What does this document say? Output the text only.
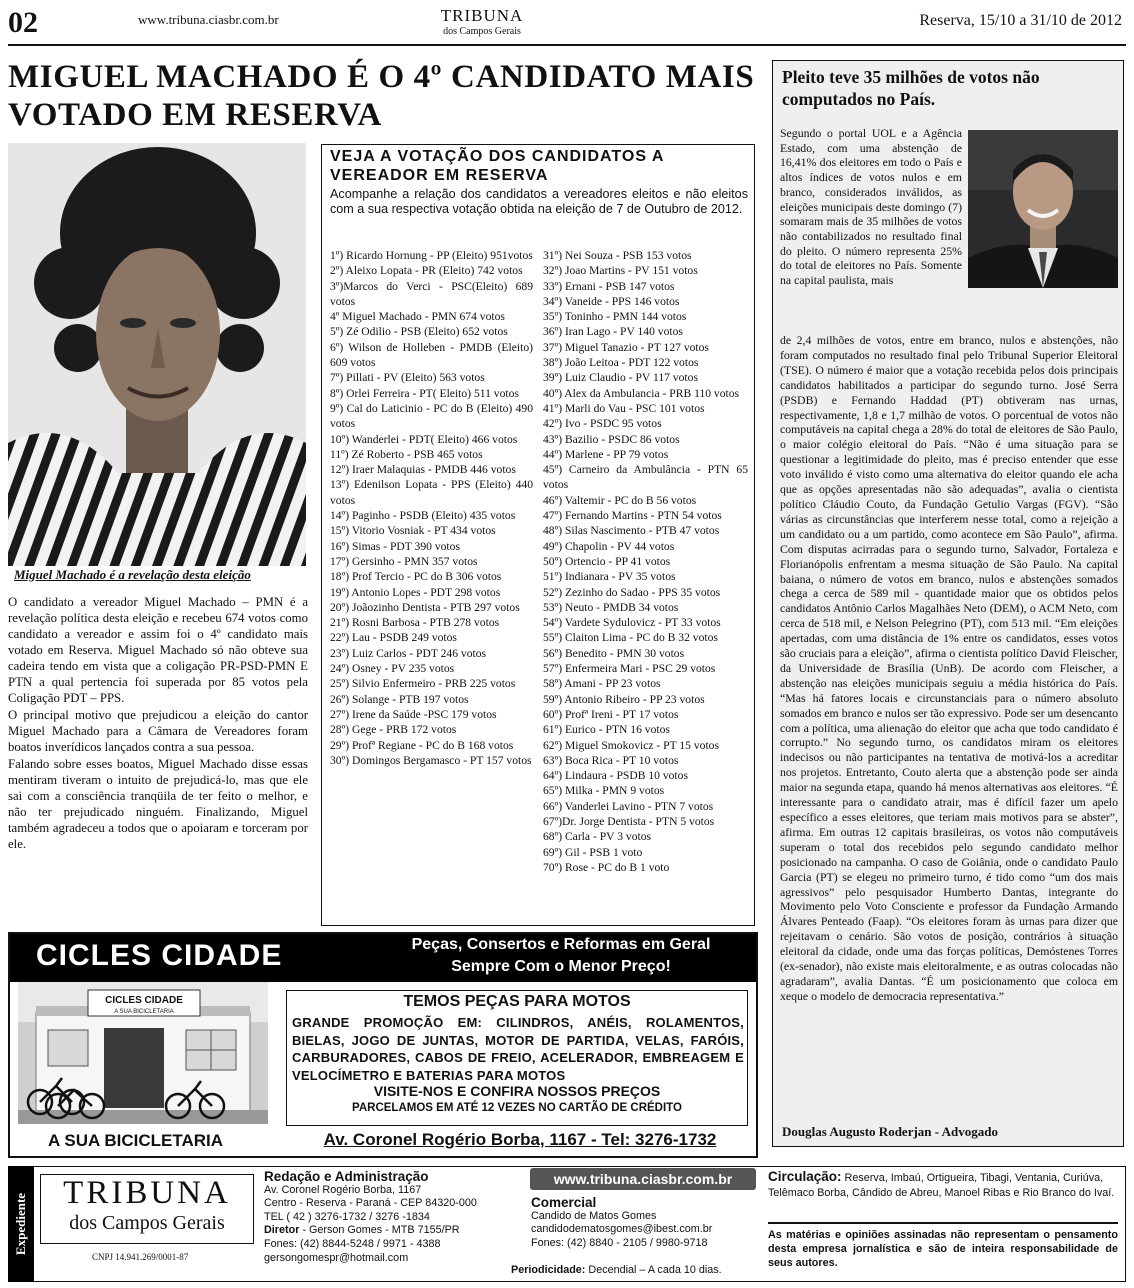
02	www.tribuna.ciasbr.com.br	TRIBUNA
dos Campos Gerais
Reserva, 15/10 a 31/10 de 2012
MIGUEL MACHADO É O 4º CANDIDATO MAIS
VOTADO EM RESERVA
Miguel Machado é a revelação desta eleição

O candidato a vereador Miguel Machado – PMN é a revelação política desta eleição e recebeu 674 votos como candidato a vereador e assim foi o 4º candidato mais votado em Reserva. Miguel Machado só não obteve sua cadeira tendo em vista que a coligação PR-PSD-PMN E PTN a qual pertencia foi superada por 85 votos pela Coligação PDT – PPS.

O principal motivo que prejudicou a eleição do cantor Miguel Machado para a Câmara de Vereadores foram boatos inverídicos lançados contra a sua pessoa.

Falando sobre esses boatos, Miguel Machado disse essas mentiram tiveram o intuito de prejudicá-lo, mas que ele sai com a consciência tranqüila de ter feito o melhor, e não ter prejudicado ninguém. Finalizando, Miguel também agradeceu a todos que o apoiaram e torceram por ele.

VEJA A VOTAÇÃO DOS CANDIDATOS A VEREADOR EM RESERVA
Acompanhe a relação dos candidatos a vereadores eleitos e não eleitos com a sua respectiva votação obtida na eleição de 7 de Outubro de 2012.
1º) Ricardo Hornung - PP (Eleito) 951votos
2º) Aleixo Lopata - PR (Eleito) 742 votos
3º)Marcos do Verci - PSC(Eleito) 689 votos
4º Miguel Machado - PMN 674 votos
5º) Zé Odilio - PSB (Eleito) 652 votos
6º) Wilson de Holleben - PMDB (Eleito) 609 votos
7º) Pillati - PV (Eleito) 563 votos
8º) Orlei Ferreira - PT( Eleito) 511 votos
9º) Cal do Laticinio - PC do B (Eleito) 490 votos
10º) Wanderlei - PDT( Eleito) 466 votos
11º) Zé Roberto - PSB 465 votos
12º) Iraer Malaquias - PMDB 446 votos
13º) Edenilson Lopata - PPS (Eleito) 440 votos
14º) Paginho - PSDB (Eleito) 435 votos
15º) Vitorio Vosniak - PT 434 votos
16º) Simas - PDT 390 votos
17º) Gersinho - PMN 357 votos
18º) Prof Tercio - PC do B 306 votos
19º) Antonio Lopes - PDT 298 votos
20º) Joãozinho Dentista - PTB 297 votos
21º) Rosni Barbosa - PTB 278 votos
22º) Lau - PSDB 249 votos
23º) Luiz Carlos - PDT 246 votos
24º) Osney - PV 235 votos
25º) Silvio Enfermeiro - PRB 225 votos
26º) Solange - PTB 197 votos
27º) Irene da Saúde -PSC 179 votos
28º) Gege - PRB 172 votos
29º) Profª Regiane - PC do B 168 votos
30º) Domingos Bergamasco - PT 157 votos
31º) Nei Souza - PSB 153 votos
32º) Joao Martins - PV 151 votos
33º) Ernani - PSB 147 votos
34º) Vaneide - PPS 146 votos
35º) Toninho - PMN 144 votos
36º) Iran Lago - PV 140 votos
37º) Miguel Tanazio - PT 127 votos
38º) João Leitoa - PDT 122 votos
39º) Luiz Claudio - PV 117 votos
40º) Alex da Ambulancia - PRB 110 votos
41º) Marli do Vau - PSC 101 votos
42º) Ivo - PSDC 95 votos
43º) Bazilio - PSDC 86 votos
44º) Marlene - PP 79 votos
45º) Carneiro da Ambulância - PTN 65 votos
46º) Valtemir - PC do B 56 votos
47º) Fernando Martins - PTN 54 votos
48º) Silas Nascimento - PTB 47 votos
49º) Chapolin - PV 44 votos
50º) Ortencio - PP 41 votos
51º) Indianara - PV 35 votos
52º) Zezinho do Sadao - PPS 35 votos
53º) Neuto - PMDB 34 votos
54º) Vardete Sydulovicz - PT 33 votos
55º) Claiton Lima - PC do B 32 votos
56º) Benedito - PMN 30 votos
57º) Enfermeira Mari - PSC 29 votos
58º) Amani - PP 23 votos
59º) Antonio Ribeiro - PP 23 votos
60º) Profª Ireni - PT 17 votos
61º) Eurico - PTN 16 votos
62º) Miguel Smokovicz - PT 15 votos
63º) Boca Rica - PT 10 votos
64º) Lindaura - PSDB 10 votos
65º) Milka - PMN 9 votos
66º) Vanderlei Lavino - PTN 7 votos
67º)Dr. Jorge Dentista - PTN 5 votos
68º) Carla - PV 3 votos
69º) Gil - PSB 1 voto
70º) Rose - PC do B 1 voto
Pleito teve 35 milhões de votos não computados no País.
Segundo o portal UOL e a Agência Estado, com uma abstenção de 16,41% dos eleitores em todo o País e altos índices de votos nulos e em branco, considerados inválidos, as eleições municipais deste domingo (7) somaram mais de 35 milhões de votos não contabilizados no resultado final do pleito. O número representa 25% do total de eleitores no País. Somente na capital paulista, mais
de 2,4 milhões de votos, entre em branco, nulos e abstenções, não foram computados no resultado final pelo Tribunal Superior Eleitoral (TSE). O número é maior que a votação recebida pelos dois principais candidatos habilitados a participar do segundo turno. José Serra (PSDB) e Fernando Haddad (PT) obtiveram nas urnas, respectivamente, 1,8 e 1,7 milhão de votos. O porcentual de votos não computáveis na capital chega a 28% do total de eleitores de São Paulo, o maior colégio eleitoral do País. “Não é uma situação para se questionar a legitimidade do pleito, mas é preciso entender que esse voto inválido é visto como uma alternativa do eleitor quando ele acha que as opções apresentadas não são adequadas”, avalia o cientista político Cláudio Couto, da Fundação Getulio Vargas (FGV). “São várias as circunstâncias que interferem nesse total, como a rejeição a um candidato ou a um partido, como acontece em São Paulo”, afirma. Com disputas acirradas para o segundo turno, Salvador, Fortaleza e Florianópolis enfrentam a mesma situação de São Paulo. Na capital baiana, o número de votos em branco, nulos e abstenções somados chega a cerca de 589 mil - quantidade maior que os obtidos pelos candidatos Antônio Carlos Magalhães Neto (DEM), o ACM Neto, com cerca de 518 mil, e Nelson Pelegrino (PT), com 513 mil. “Em eleições apertadas, com uma distância de 1% entre os candidatos, esses votos são cruciais para a eleição”, afirma o cientista político David Fleischer, da Universidade de Brasília (UnB). De acordo com Fleischer, a abstenção nas eleições municipais seguiu a média histórica do País. “Mas há fatores locais e circunstanciais para o número absoluto somados em branco e nulos ser tão expressivo. Pode ser um desencanto com a política, uma alienação do eleitor que acha que todo candidato é corrupto.” No segundo turno, os candidatos miram os eleitores indecisos ou não participantes na tentativa de motivá-los a acreditar nos projetos. Entretanto, Couto alerta que a abstenção pode ser ainda maior na segunda etapa, quando há menos alternativas aos eleitores. “É interessante para o candidato atrair, mas é difícil fazer um apelo específico a esses eleitores, que teriam mais motivos para se abster”, afirma. Em outras 12 capitais brasileiras, os votos não computáveis superam o total dos recebidos pelo segundo candidato melhor posicionado na campanha. O caso de Goiânia, onde o candidato Paulo Garcia (PT) se elegeu no primeiro turno, é tido como “um dos mais agressivos” pelo pesquisador Humberto Dantas, integrante do Movimento pelo Voto Consciente e professor da Fundação Armando Álvares Penteado (Faap). “Os eleitores foram às urnas para dizer que rejeitavam o cenário. São votos de posição, contrários à situação eleitoral da cidade, onde uma das forças políticas, Demóstenes Torres (ex-senador), não existe mais eleitoralmente, e as outras colocadas não agradaram”, avalia Dantas. “É um posicionamento que coloca em xeque o modelo de democracia representativa.”
Douglas Augusto Roderjan - Advogado
CICLES CIDADE	Peças, Consertos e Reformas em Geral
Sempre Com o Menor Preço!
CICLES CIDADE
A SUA BICICLETARIA
A SUA BICICLETARIA
TEMOS PEÇAS PARA MOTOS
GRANDE PROMOÇÃO EM: CILINDROS, ANÉIS, ROLAMENTOS, BIELAS, JOGO DE JUNTAS, MOTOR DE PARTIDA, VELAS, FARÓIS, CARBURADORES, CABOS DE FREIO, ACELERADOR, EMBREAGEM E VELOCÍMETRO E BATERIAS PARA MOTOS
VISITE-NOS E CONFIRA NOSSOS PREÇOS
PARCELAMOS EM ATÉ 12 VEZES NO CARTÃO DE CRÉDITO
Av. Coronel Rogério Borba, 1167 - Tel: 3276-1732
Expediente	TRIBUNA
dos Campos Gerais
CNPJ 14.941.269/0001-87
Redação e Administração
Av. Coronel Rogério Borba, 1167
Centro - Reserva - Paraná - CEP 84320-000
TEL ( 42 ) 3276-1732 / 3276 -1834
Diretor - Gerson Gomes - MTB 7155/PR
Fones: (42) 8844-5248 / 9971 - 4388
gersongomespr@hotmail.com
www.tribuna.ciasbr.com.br
Comercial
Candido de Matos Gomes
candidodematosgomes@ibest.com.br
Fones: (42) 8840 - 2105 / 9980-9718
Periodicidade: Decendial – A cada 10 dias.
Circulação: Reserva, Imbaú, Ortigueira, Tibagi, Ventania, Curiúva, Telêmaco Borba, Cândido de Abreu, Manoel Ribas e Rio Branco do Ivaí.
As matérias e opiniões assinadas não representam o pensamento desta empresa jornalística e são de inteira responsabilidade de seus autores.
